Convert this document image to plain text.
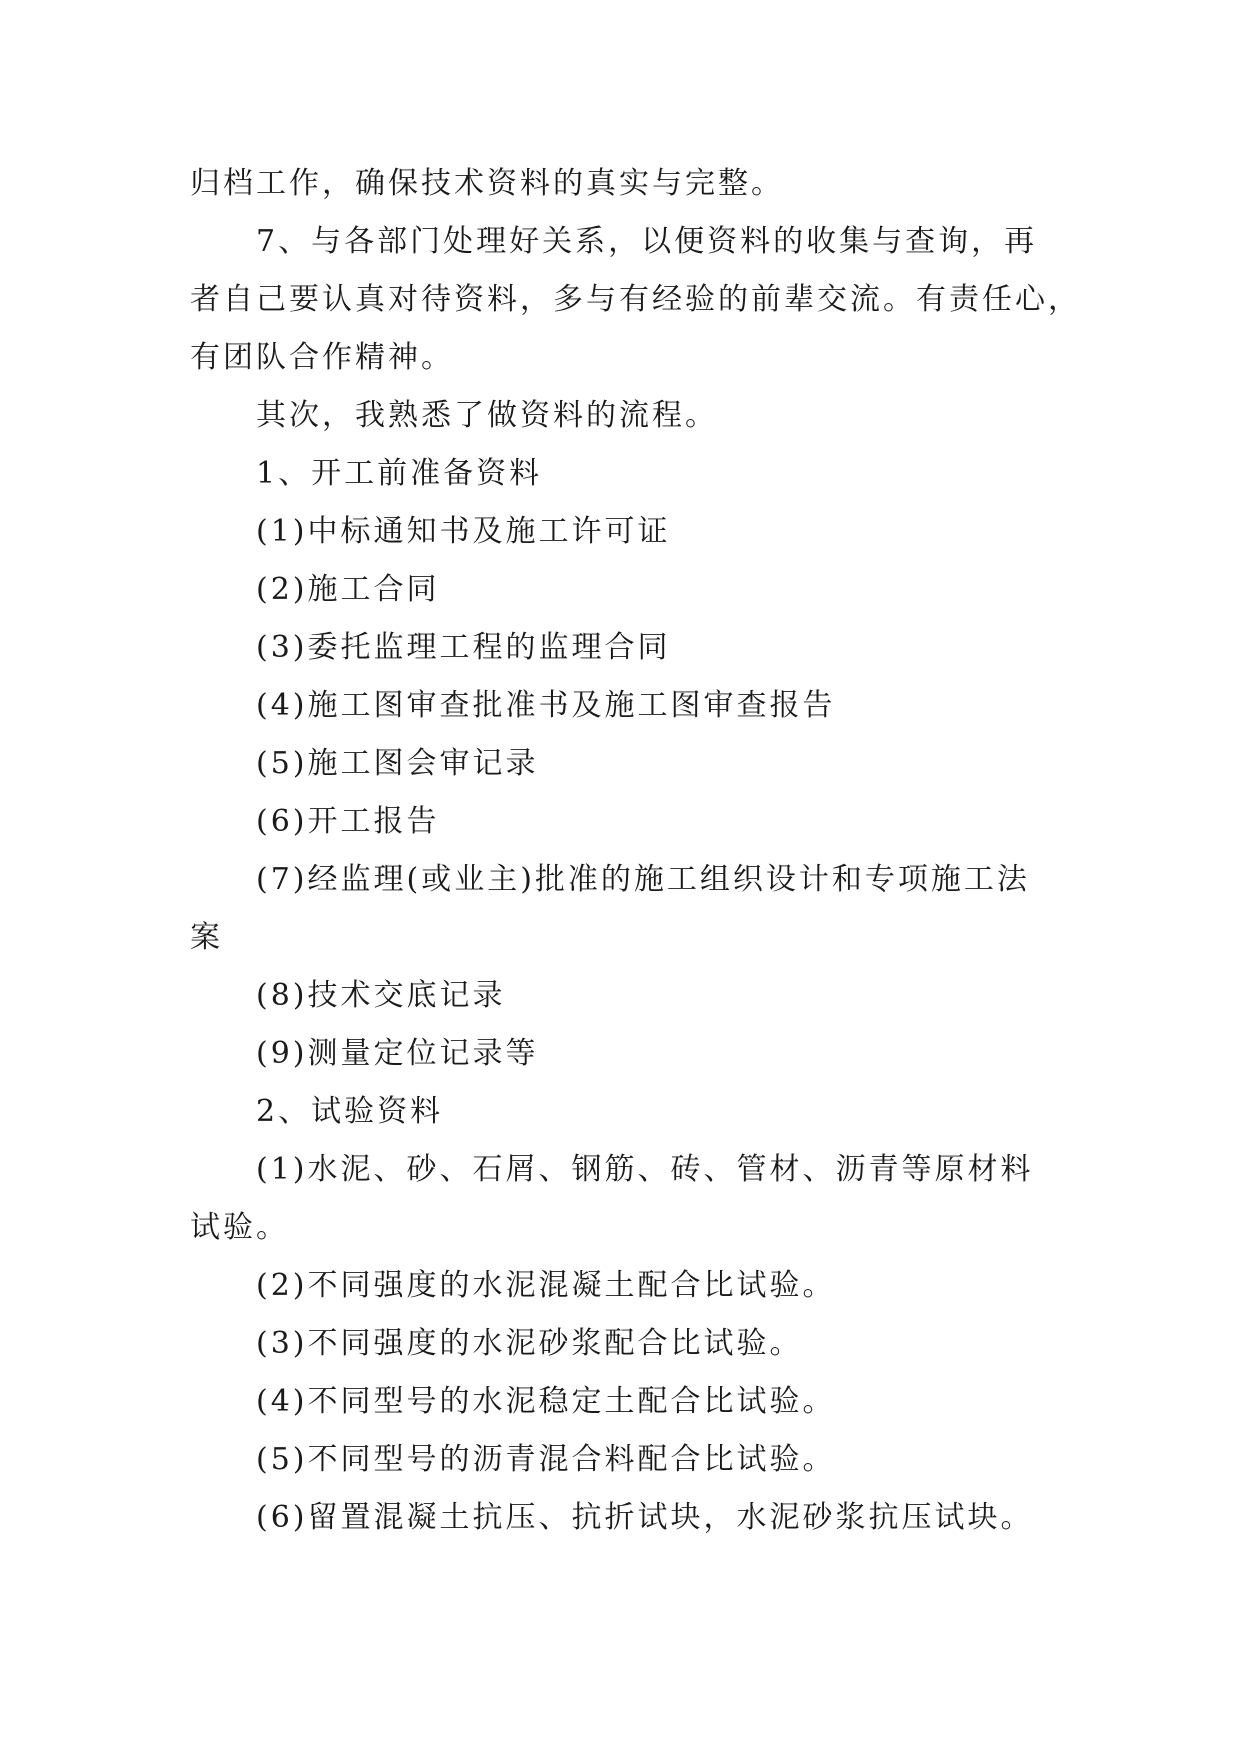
归档工作，确保技术资料的真实与完整。
7、与各部门处理好关系，以便资料的收集与查询，再
者自己要认真对待资料，多与有经验的前辈交流。有责任心，
有团队合作精神。
其次，我熟悉了做资料的流程。
1、开工前准备资料
(1)中标通知书及施工许可证
(2)施工合同
(3)委托监理工程的监理合同
(4)施工图审查批准书及施工图审查报告
(5)施工图会审记录
(6)开工报告
(7)经监理(或业主)批准的施工组织设计和专项施工法
案
(8)技术交底记录
(9)测量定位记录等
2、试验资料
(1)水泥、砂、石屑、钢筋、砖、管材、沥青等原材料
试验。
(2)不同强度的水泥混凝土配合比试验。
(3)不同强度的水泥砂浆配合比试验。
(4)不同型号的水泥稳定土配合比试验。
(5)不同型号的沥青混合料配合比试验。
(6)留置混凝土抗压、抗折试块，水泥砂浆抗压试块。
